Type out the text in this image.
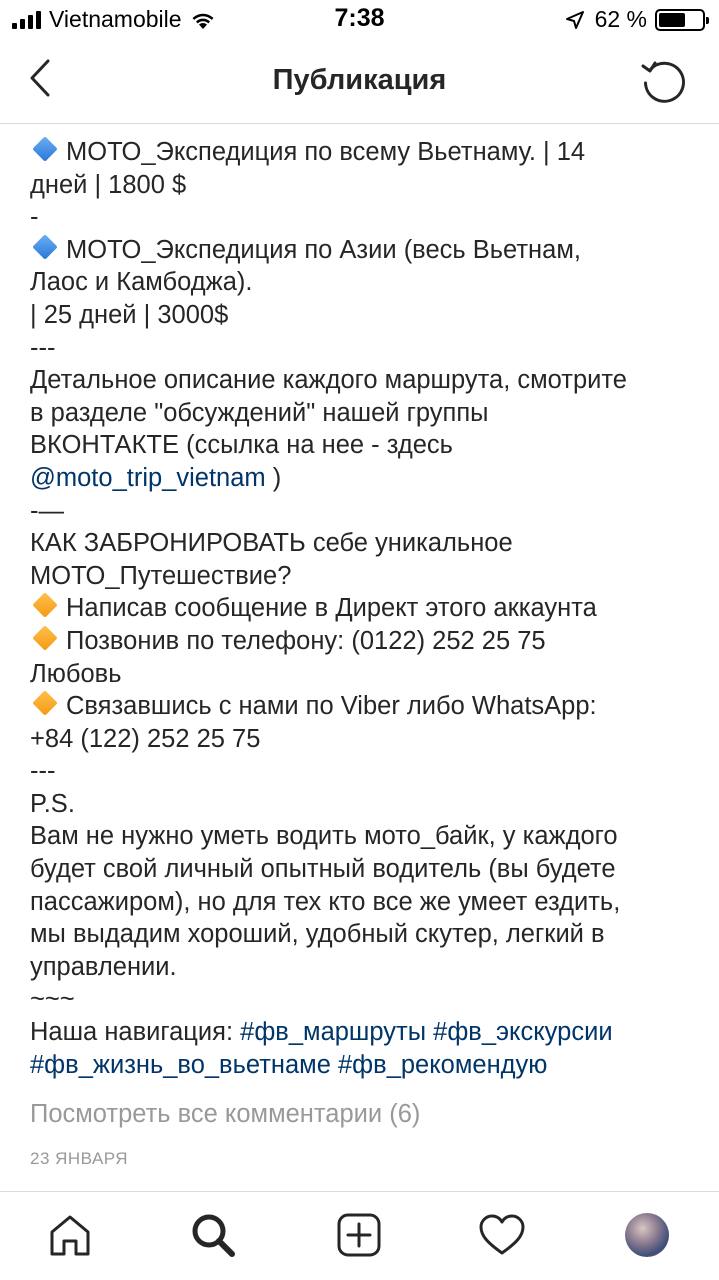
Vietnamobile	7:38	62 %
Публикация
МОТО_Экспедиция по всему Вьетнаму. | 14
дней | 1800 $
-
МОТО_Экспедиция по Азии (весь Вьетнам,
Лаос и Камбоджа).
| 25 дней | 3000$
---
Детальное описание каждого маршрута, смотрите
в разделе "обсуждений" нашей группы
ВКОНТАКТЕ (ссылка на нее - здесь
@moto_trip_vietnam )
-—
КАК ЗАБРОНИРОВАТЬ себе уникальное
МОТО_Путешествие?
Написав сообщение в Директ этого аккаунта
Позвонив по телефону: (0122) 252 25 75
Любовь
Связавшись с нами по Viber либо WhatsApp:
+84 (122) 252 25 75
---
P.S.
Вам не нужно уметь водить мото_байк, у каждого
будет свой личный опытный водитель (вы будете
пассажиром), но для тех кто все же умеет ездить,
мы выдадим хороший, удобный скутер, легкий в
управлении.
~~~
Наша навигация: #фв_маршруты #фв_экскурсии
#фв_жизнь_во_вьетнаме #фв_рекомендую
Посмотреть все комментарии (6)
23 ЯНВАРЯ
